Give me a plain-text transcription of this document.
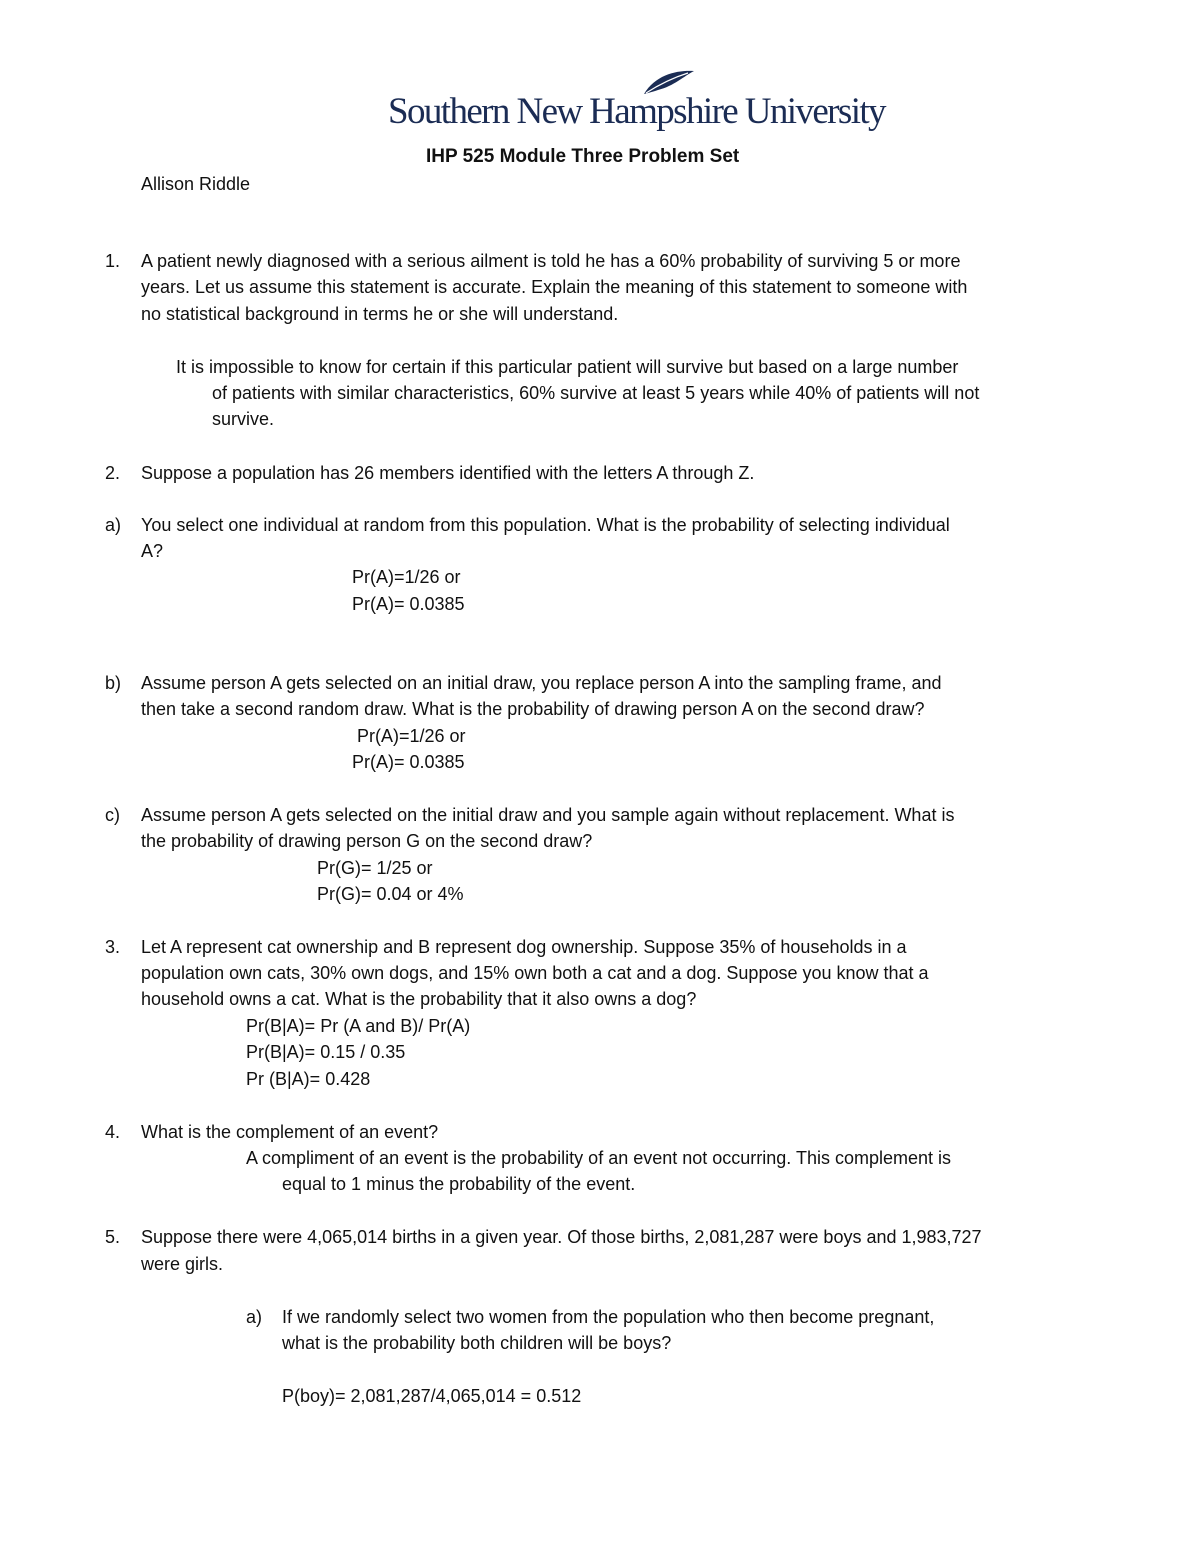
Southern New Hampshire University
IHP 525 Module Three Problem Set
Allison Riddle
1. A patient newly diagnosed with a serious ailment is told he has a 60% probability of surviving 5 or more
years. Let us assume this statement is accurate. Explain the meaning of this statement to someone with
no statistical background in terms he or she will understand.
It is impossible to know for certain if this particular patient will survive but based on a large number
of patients with similar characteristics, 60% survive at least 5 years while 40% of patients will not
survive.
2. Suppose a population has 26 members identified with the letters A through Z.
a) You select one individual at random from this population. What is the probability of selecting individual
A?
Pr(A)=1/26 or
Pr(A)= 0.0385
b) Assume person A gets selected on an initial draw, you replace person A into the sampling frame, and
then take a second random draw. What is the probability of drawing person A on the second draw?
Pr(A)=1/26 or
Pr(A)= 0.0385
c) Assume person A gets selected on the initial draw and you sample again without replacement. What is
the probability of drawing person G on the second draw?
Pr(G)= 1/25 or
Pr(G)= 0.04 or 4%
3. Let A represent cat ownership and B represent dog ownership. Suppose 35% of households in a
population own cats, 30% own dogs, and 15% own both a cat and a dog. Suppose you know that a
household owns a cat. What is the probability that it also owns a dog?
Pr(B|A)= Pr (A and B)/ Pr(A)
Pr(B|A)= 0.15 / 0.35
Pr (B|A)= 0.428
4. What is the complement of an event?
A compliment of an event is the probability of an event not occurring. This complement is
equal to 1 minus the probability of the event.
5. Suppose there were 4,065,014 births in a given year. Of those births, 2,081,287 were boys and 1,983,727
were girls.
a) If we randomly select two women from the population who then become pregnant,
what is the probability both children will be boys?
P(boy)= 2,081,287/4,065,014 = 0.512
